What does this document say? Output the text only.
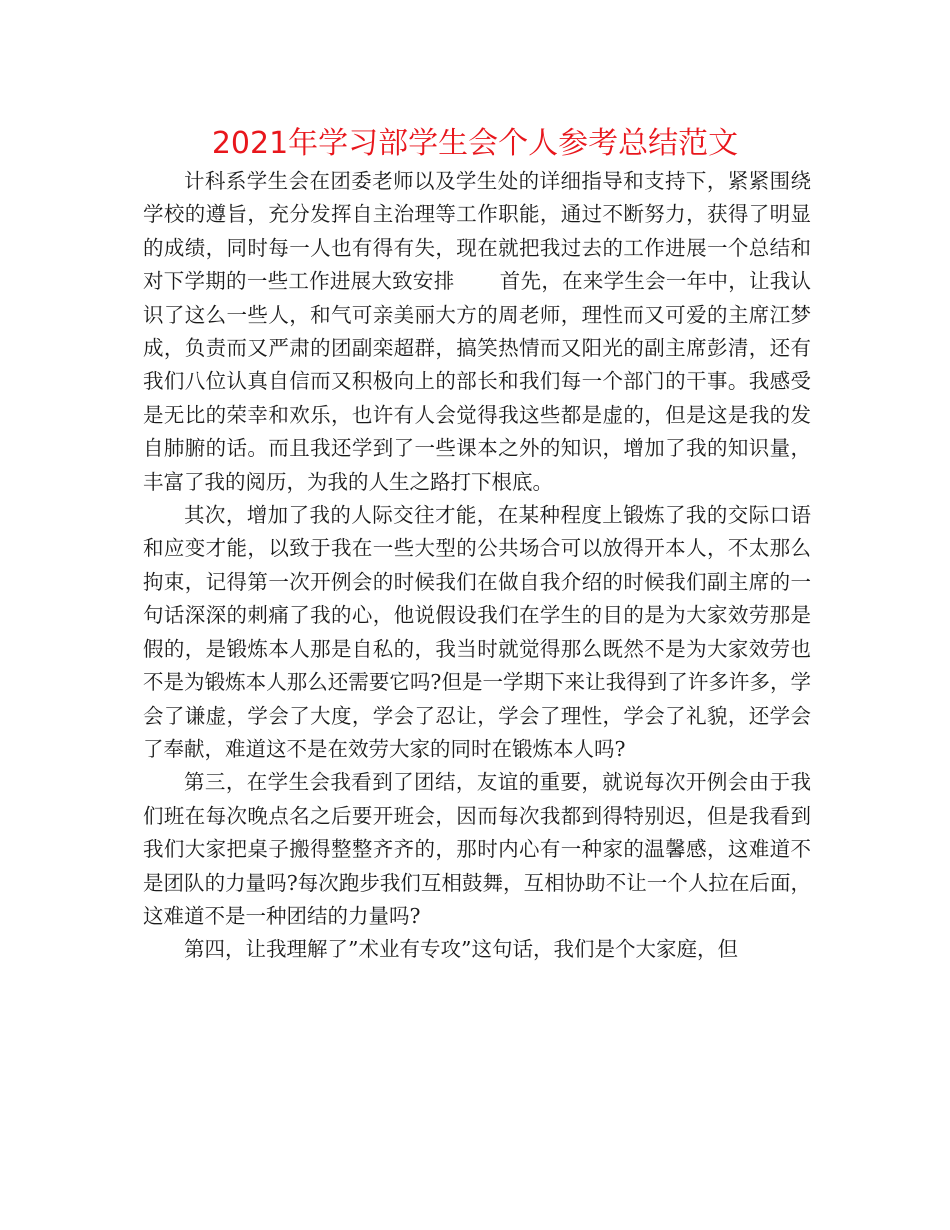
2021年学习部学生会个人参考总结范文

计科系学生会在团委老师以及学生处的详细指导和支持下，紧紧围绕学校的遵旨，充分发挥自主治理等工作职能，通过不断努力，获得了明显的成绩，同时每一人也有得有失，现在就把我过去的工作进展一个总结和对下学期的一些工作进展大致安排 首先，在来学生会一年中，让我认识了这么一些人，和气可亲美丽大方的周老师，理性而又可爱的主席江梦成，负责而又严肃的团副栾超群，搞笑热情而又阳光的副主席彭清，还有我们八位认真自信而又积极向上的部长和我们每一个部门的干事。我感受是无比的荣幸和欢乐，也许有人会觉得我这些都是虚的，但是这是我的发自肺腑的话。而且我还学到了一些课本之外的知识，增加了我的知识量，丰富了我的阅历，为我的人生之路打下根底。

其次，增加了我的人际交往才能，在某种程度上锻炼了我的交际口语和应变才能，以致于我在一些大型的公共场合可以放得开本人，不太那么拘束，记得第一次开例会的时候我们在做自我介绍的时候我们副主席的一句话深深的刺痛了我的心，他说假设我们在学生的目的是为大家效劳那是假的，是锻炼本人那是自私的，我当时就觉得那么既然不是为大家效劳也不是为锻炼本人那么还需要它吗?但是一学期下来让我得到了许多许多，学会了谦虚，学会了大度，学会了忍让，学会了理性，学会了礼貌，还学会了奉献，难道这不是在效劳大家的同时在锻炼本人吗?

第三，在学生会我看到了团结，友谊的重要，就说每次开例会由于我们班在每次晚点名之后要开班会，因而每次我都到得特别迟，但是我看到我们大家把桌子搬得整整齐齐的，那时内心有一种家的温馨感，这难道不是团队的力量吗?每次跑步我们互相鼓舞，互相协助不让一个人拉在后面，这难道不是一种团结的力量吗?

第四，让我理解了”术业有专攻”这句话，我们是个大家庭，但
